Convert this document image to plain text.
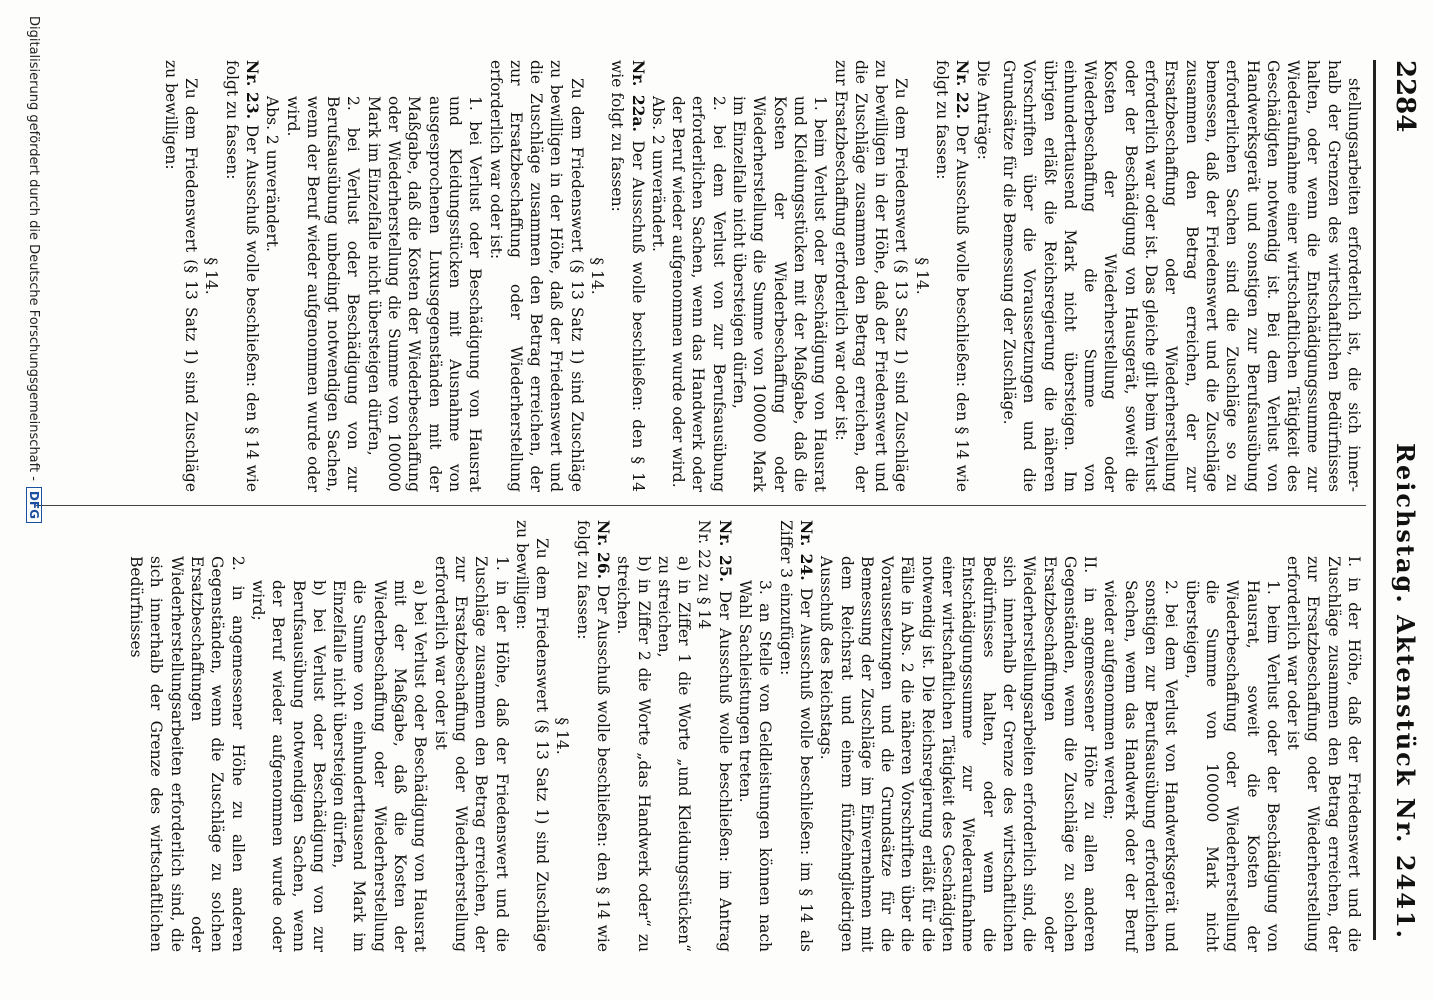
2284
Reichstag. Aktenstück Nr. 2441.

stellungsarbeiten erforderlich ist, die sich inner-halb der Grenzen des wirtschaftlichen Bedürfnisses halten, oder wenn die Entschädigungssumme zur Wiederaufnahme einer wirtschaftlichen Tätigkeit des Geschädigten notwendig ist. Bei dem Verlust von Handwerksgerät und sonstigen zur Berufsausübung erforderlichen Sachen sind die Zuschläge so zu bemessen, daß der Friedenswert und die Zuschläge zusammen den Betrag erreichen, der zur Ersatzbeschaffung oder Wiederherstellung erforderlich war oder ist. Das gleiche gilt beim Verlust oder der Beschädigung von Hausgerät, soweit die Kosten der Wiederherstellung oder Wiederbeschaffung die Summe von einhunderttausend Mark nicht übersteigen. Im übrigen erläßt die Reichsregierung die näheren Vorschriften über die Voraussetzungen und die Grundsätze für die Bemessung der Zuschläge.

Die Anträge:

Nr. 22. Der Ausschuß wolle beschließen: den § 14 wie folgt zu fassen:

§ 14.

Zu dem Friedenswert (§ 13 Satz 1) sind Zuschläge zu bewilligen in der Höhe, daß der Friedenswert und die Zuschläge zusammen den Betrag erreichen, der zur Ersatzbeschaffung erforderlich war oder ist:

1. beim Verlust oder Beschädigung von Hausrat und Kleidungsstücken mit der Maßgabe, daß die Kosten der Wiederbeschaffung oder Wiederherstellung die Summe von 100000 Mark im Einzelfalle nicht übersteigen dürfen,

2. bei dem Verlust von zur Berufsausübung erforderlichen Sachen, wenn das Handwerk oder der Beruf wieder aufgenommen wurde oder wird.

Abs. 2 unverändert.

Nr. 22a. Der Ausschuß wolle beschließen: den § 14 wie folgt zu fassen:

§ 14.

Zu dem Friedenswert (§ 13 Satz 1) sind Zuschläge zu bewilligen in der Höhe, daß der Friedenswert und die Zuschläge zusammen den Betrag erreichen, der zur Ersatzbeschaffung oder Wiederherstellung erforderlich war oder ist:

1. bei Verlust oder Beschädigung von Hausrat und Kleidungsstücken mit Ausnahme von ausgesprochenen Luxusgegenständen mit der Maßgabe, daß die Kosten der Wiederbeschaffung oder Wiederherstellung die Summe von 100000 Mark im Einzelfalle nicht übersteigen dürfen,

2. bei Verlust oder Beschädigung von zur Berufsausübung unbedingt notwendigen Sachen, wenn der Beruf wieder aufgenommen wurde oder wird.

Abs. 2 unverändert.

Nr. 23. Der Ausschuß wolle beschließen: den § 14 wie folgt zu fassen:

§ 14.

Zu dem Friedenswert (§ 13 Satz 1) sind Zuschläge zu bewilligen:

I. in der Höhe, daß der Friedenswert und die Zuschläge zusammen den Betrag erreichen, der zur Ersatzbeschaffung oder Wiederherstellung erforderlich war oder ist

1. beim Verlust oder der Beschädigung von Hausrat, soweit die Kosten der Wiederbeschaffung oder Wiederherstellung die Summe von 100000 Mark nicht übersteigen,

2. bei dem Verlust von Handwerksgerät und sonstigen zur Berufsausübung erforderlichen Sachen, wenn das Handwerk oder der Beruf wieder aufgenommen werden;

II. in angemessener Höhe zu allen anderen Gegenständen, wenn die Zuschläge zu solchen Ersatzbeschaffungen oder Wiederherstellungsarbeiten erforderlich sind, die sich innerhalb der Grenze des wirtschaftlichen Bedürfnisses halten, oder wenn die Entschädigungssumme zur Wiederaufnahme einer wirtschaftlichen Tätigkeit des Geschädigten notwendig ist. Die Reichsregierung erläßt für die Fälle in Abs. 2 die näheren Vorschriften über die Voraussetzungen und die Grundsätze für die Bemessung der Zuschläge im Einvernehmen mit dem Reichsrat und einem fünfzehngliedrigen Ausschuß des Reichstags.

Nr. 24. Der Ausschuß wolle beschließen: im § 14 als Ziffer 3 einzufügen:

3. an Stelle von Geldleistungen können nach Wahl Sachleistungen treten.

Nr. 25. Der Ausschuß wolle beschließen: im Antrag Nr. 22 zu § 14

a) in Ziffer 1 die Worte „und Kleidungsstücken“ zu streichen,

b) in Ziffer 2 die Worte „das Handwerk oder“ zu streichen.

Nr. 26. Der Ausschuß wolle beschließen: den § 14 wie folgt zu fassen:

§ 14.

Zu dem Friedenswert (§ 13 Satz 1) sind Zuschläge zu bewilligen:

1. in der Höhe, daß der Friedenswert und die Zuschläge zusammen den Betrag erreichen, der zur Ersatzbeschaffung oder Wiederherstellung erforderlich war oder ist

a) bei Verlust oder Beschädigung von Hausrat mit der Maßgabe, daß die Kosten der Wiederbeschaffung oder Wiederherstellung die Summe von einhunderttausend Mark im Einzelfalle nicht übersteigen dürfen,

b) bei Verlust oder Beschädigung von zur Berufsausübung notwendigen Sachen, wenn der Beruf wieder aufgenommen wurde oder wird;

2. in angemessener Höhe zu allen anderen Gegenständen, wenn die Zuschläge zu solchen Ersatzbeschaffungen oder Wiederherstellungsarbeiten erforderlich sind, die sich innerhalb der Grenze des wirtschaftlichen Bedürfnisses

Digitalisierung gefördert durch die Deutsche Forschungsgemeinschaft -
DFG
